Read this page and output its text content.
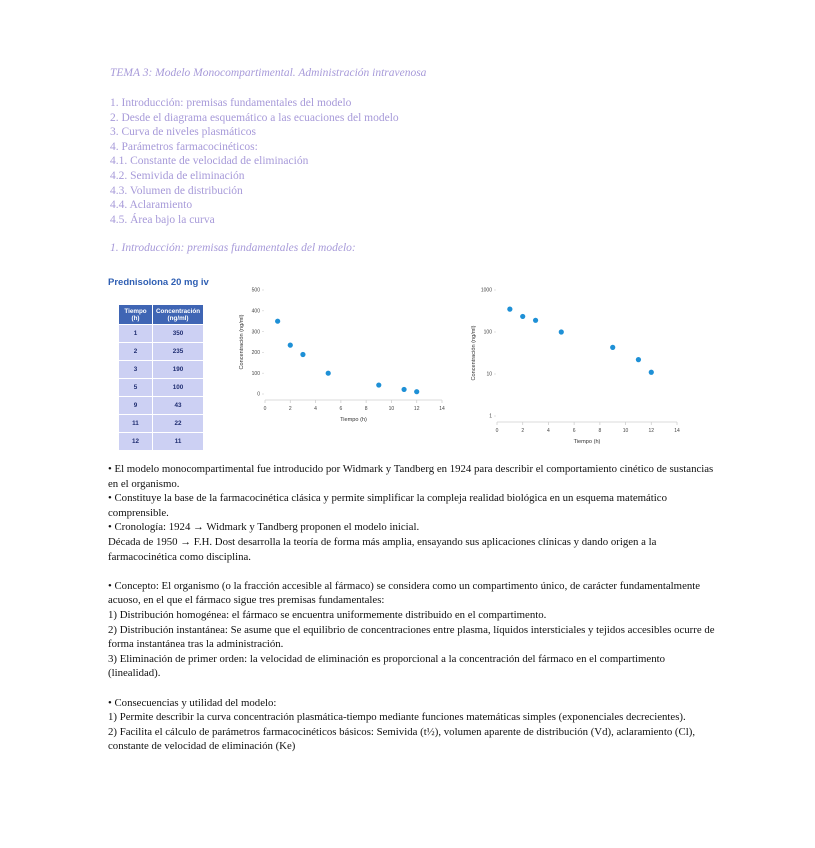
TEMA 3: Modelo Monocompartimental. Administración intravenosa
1. Introducción: premisas fundamentales del modelo
2. Desde el diagrama esquemático a las ecuaciones del modelo
3. Curva de niveles plasmáticos
4. Parámetros farmacocinéticos:
4.1. Constante de velocidad de eliminación
4.2. Semivida de eliminación
4.3. Volumen de distribución
4.4. Aclaramiento
4.5. Área bajo la curva
1. Introducción: premisas fundamentales del modelo:
Prednisolona 20 mg iv
Tiempo (h)	Concentración (ng/ml)
1	350
2	235
3	190
5	100
9	43
11	22
12	11
0	2	4	6	8	10	12	14
0
100
200
300
400
500
Tiempo (h)
Concentración (ng/ml)
0	2	4	6	8	10	12	14
1
10
100
1000
Tiempo (h)
Concentración (ng/ml)

• El modelo monocompartimental fue introducido por Widmark y Tandberg en 1924 para describir el comportamiento cinético de sustancias en el organismo.

• Constituye la base de la farmacocinética clásica y permite simplificar la compleja realidad biológica en un esquema matemático comprensible.

• Cronología: 1924 → Widmark y Tandberg proponen el modelo inicial.

Década de 1950 → F.H. Dost desarrolla la teoría de forma más amplia, ensayando sus aplicaciones clínicas y dando origen a la farmacocinética como disciplina.

• Concepto: El organismo (o la fracción accesible al fármaco) se considera como un compartimento único, de carácter fundamentalmente acuoso, en el que el fármaco sigue tres premisas fundamentales:

1) Distribución homogénea: el fármaco se encuentra uniformemente distribuido en el compartimento.

2) Distribución instantánea: Se asume que el equilibrio de concentraciones entre plasma, líquidos intersticiales y tejidos accesibles ocurre de forma instantánea tras la administración.

3) Eliminación de primer orden: la velocidad de eliminación es proporcional a la concentración del fármaco en el compartimento (linealidad).

• Consecuencias y utilidad del modelo:

1) Permite describir la curva concentración plasmática-tiempo mediante funciones matemáticas simples (exponenciales decrecientes).

2) Facilita el cálculo de parámetros farmacocinéticos básicos: Semivida (t½), volumen aparente de distribución (Vd), aclaramiento (Cl), constante de velocidad de eliminación (Ke)
